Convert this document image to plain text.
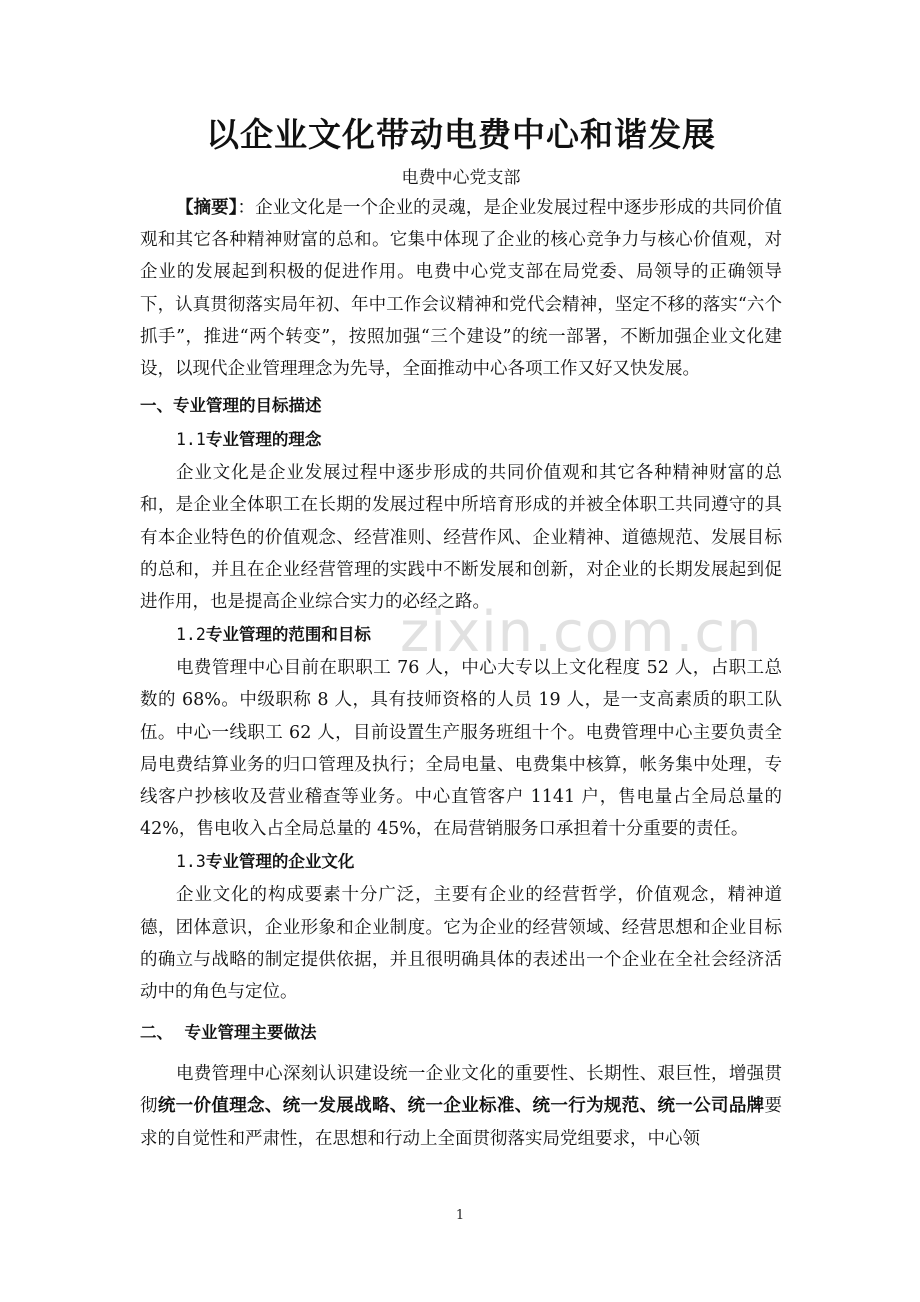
以企业文化带动电费中心和谐发展

电费中心党支部

【摘要】：企业文化是一个企业的灵魂，是企业发展过程中逐步形成的共同价值观和其它各种精神财富的总和。它集中体现了企业的核心竞争力与核心价值观，对企业的发展起到积极的促进作用。电费中心党支部在局党委、局领导的正确领导下，认真贯彻落实局年初、年中工作会议精神和党代会精神，坚定不移的落实“六个抓手”，推进“两个转变”，按照加强“三个建设”的统一部署，不断加强企业文化建设，以现代企业管理理念为先导，全面推动中心各项工作又好又快发展。

一、专业管理的目标描述

1.1专业管理的理念

企业文化是企业发展过程中逐步形成的共同价值观和其它各种精神财富的总和，是企业全体职工在长期的发展过程中所培育形成的并被全体职工共同遵守的具有本企业特色的价值观念、经营准则、经营作风、企业精神、道德规范、发展目标的总和，并且在企业经营管理的实践中不断发展和创新，对企业的长期发展起到促进作用，也是提高企业综合实力的必经之路。

1.2专业管理的范围和目标

电费管理中心目前在职职工 76 人，中心大专以上文化程度 52 人，占职工总数的 68%。中级职称 8 人，具有技师资格的人员 19 人，是一支高素质的职工队伍。中心一线职工 62 人，目前设置生产服务班组十个。电费管理中心主要负责全局电费结算业务的归口管理及执行；全局电量、电费集中核算，帐务集中处理，专线客户抄核收及营业稽查等业务。中心直管客户 1141 户，售电量占全局总量的 42%，售电收入占全局总量的 45%，在局营销服务口承担着十分重要的责任。

1.3专业管理的企业文化

企业文化的构成要素十分广泛，主要有企业的经营哲学，价值观念，精神道德，团体意识，企业形象和企业制度。它为企业的经营领域、经营思想和企业目标的确立与战略的制定提供依据，并且很明确具体的表述出一个企业在全社会经济活动中的角色与定位。

二、  专业管理主要做法

电费管理中心深刻认识建设统一企业文化的重要性、长期性、艰巨性，增强贯彻统一价值理念、统一发展战略、统一企业标准、统一行为规范、统一公司品牌要求的自觉性和严肃性，在思想和行动上全面贯彻落实局党组要求，中心领

zixin.com.cn
1
